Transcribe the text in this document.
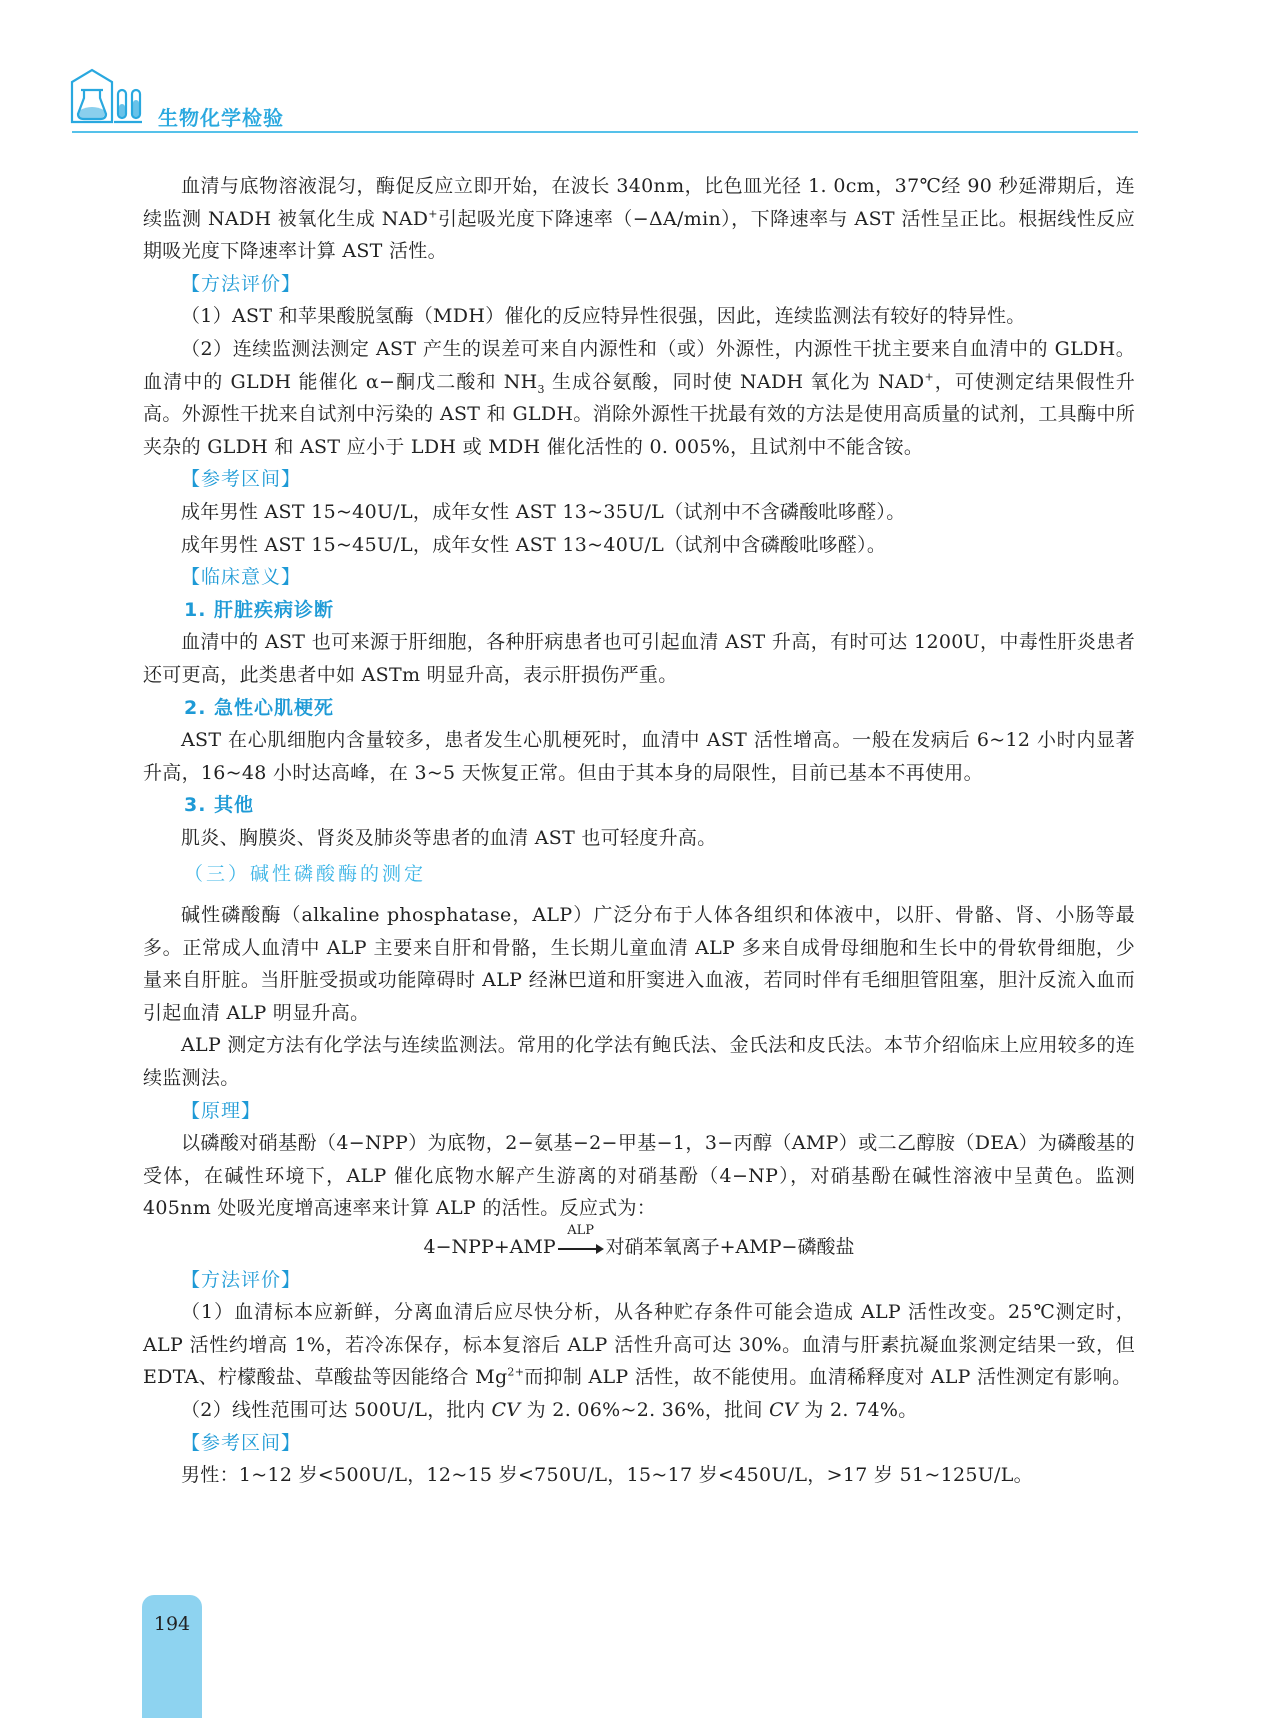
生物化学检验

血清与底物溶液混匀，酶促反应立即开始，在波长 340nm，比色皿光径 1. 0cm，37℃经 90 秒延滞期后，连续监测 NADH 被氧化生成 NAD+引起吸光度下降速率（−ΔA/min），下降速率与 AST 活性呈正比。根据线性反应期吸光度下降速率计算 AST 活性。

【方法评价】

（1）AST 和苹果酸脱氢酶（MDH）催化的反应特异性很强，因此，连续监测法有较好的特异性。

（2）连续监测法测定 AST 产生的误差可来自内源性和（或）外源性，内源性干扰主要来自血清中的 GLDH。血清中的 GLDH 能催化 α−酮戊二酸和 $NH_3$ 生成谷氨酸，同时使 NADH 氧化为 NAD+，可使测定结果假性升高。外源性干扰来自试剂中污染的 AST 和 GLDH。消除外源性干扰最有效的方法是使用高质量的试剂，工具酶中所夹杂的 GLDH 和 AST 应小于 LDH 或 MDH 催化活性的 0. 005%，且试剂中不能含铵。

【参考区间】

成年男性 AST 15~40U/L，成年女性 AST 13~35U/L（试剂中不含磷酸吡哆醛）。

成年男性 AST 15~45U/L，成年女性 AST 13~40U/L（试剂中含磷酸吡哆醛）。

【临床意义】
1. 肝脏疾病诊断

血清中的 AST 也可来源于肝细胞，各种肝病患者也可引起血清 AST 升高，有时可达 1200U，中毒性肝炎患者还可更高，此类患者中如 ASTm 明显升高，表示肝损伤严重。

2. 急性心肌梗死

AST 在心肌细胞内含量较多，患者发生心肌梗死时，血清中 AST 活性增高。一般在发病后 6~12 小时内显著升高，16~48 小时达高峰，在 3~5 天恢复正常。但由于其本身的局限性，目前已基本不再使用。

3. 其他

肌炎、胸膜炎、肾炎及肺炎等患者的血清 AST 也可轻度升高。

（三）碱性磷酸酶的测定

碱性磷酸酶（alkaline phosphatase，ALP）广泛分布于人体各组织和体液中，以肝、骨骼、肾、小肠等最多。正常成人血清中 ALP 主要来自肝和骨骼，生长期儿童血清 ALP 多来自成骨母细胞和生长中的骨软骨细胞，少量来自肝脏。当肝脏受损或功能障碍时 ALP 经淋巴道和肝窦进入血液，若同时伴有毛细胆管阻塞，胆汁反流入血而引起血清 ALP 明显升高。

ALP 测定方法有化学法与连续监测法。常用的化学法有鲍氏法、金氏法和皮氏法。本节介绍临床上应用较多的连续监测法。

【原理】

以磷酸对硝基酚（4−NPP）为底物，2−氨基−2−甲基−1，3−丙醇（AMP）或二乙醇胺（DEA）为磷酸基的受体，在碱性环境下，ALP 催化底物水解产生游离的对硝基酚（4−NP），对硝基酚在碱性溶液中呈黄色。监测 405nm 处吸光度增高速率来计算 ALP 的活性。反应式为：

4−NPP+AMP
ALP
对硝苯氧离子+AMP−磷酸盐
【方法评价】

（1）血清标本应新鲜，分离血清后应尽快分析，从各种贮存条件可能会造成 ALP 活性改变。25℃测定时，ALP 活性约增高 1%，若冷冻保存，标本复溶后 ALP 活性升高可达 30%。血清与肝素抗凝血浆测定结果一致，但 EDTA、柠檬酸盐、草酸盐等因能络合 $Mg^{2+}$而抑制 ALP 活性，故不能使用。血清稀释度对 ALP 活性测定有影响。

（2）线性范围可达 500U/L，批内 CV 为 2. 06%~2. 36%，批间 CV 为 2. 74%。

【参考区间】

男性：1~12 岁<500U/L，12~15 岁<750U/L，15~17 岁<450U/L，>17 岁 51~125U/L。

194
